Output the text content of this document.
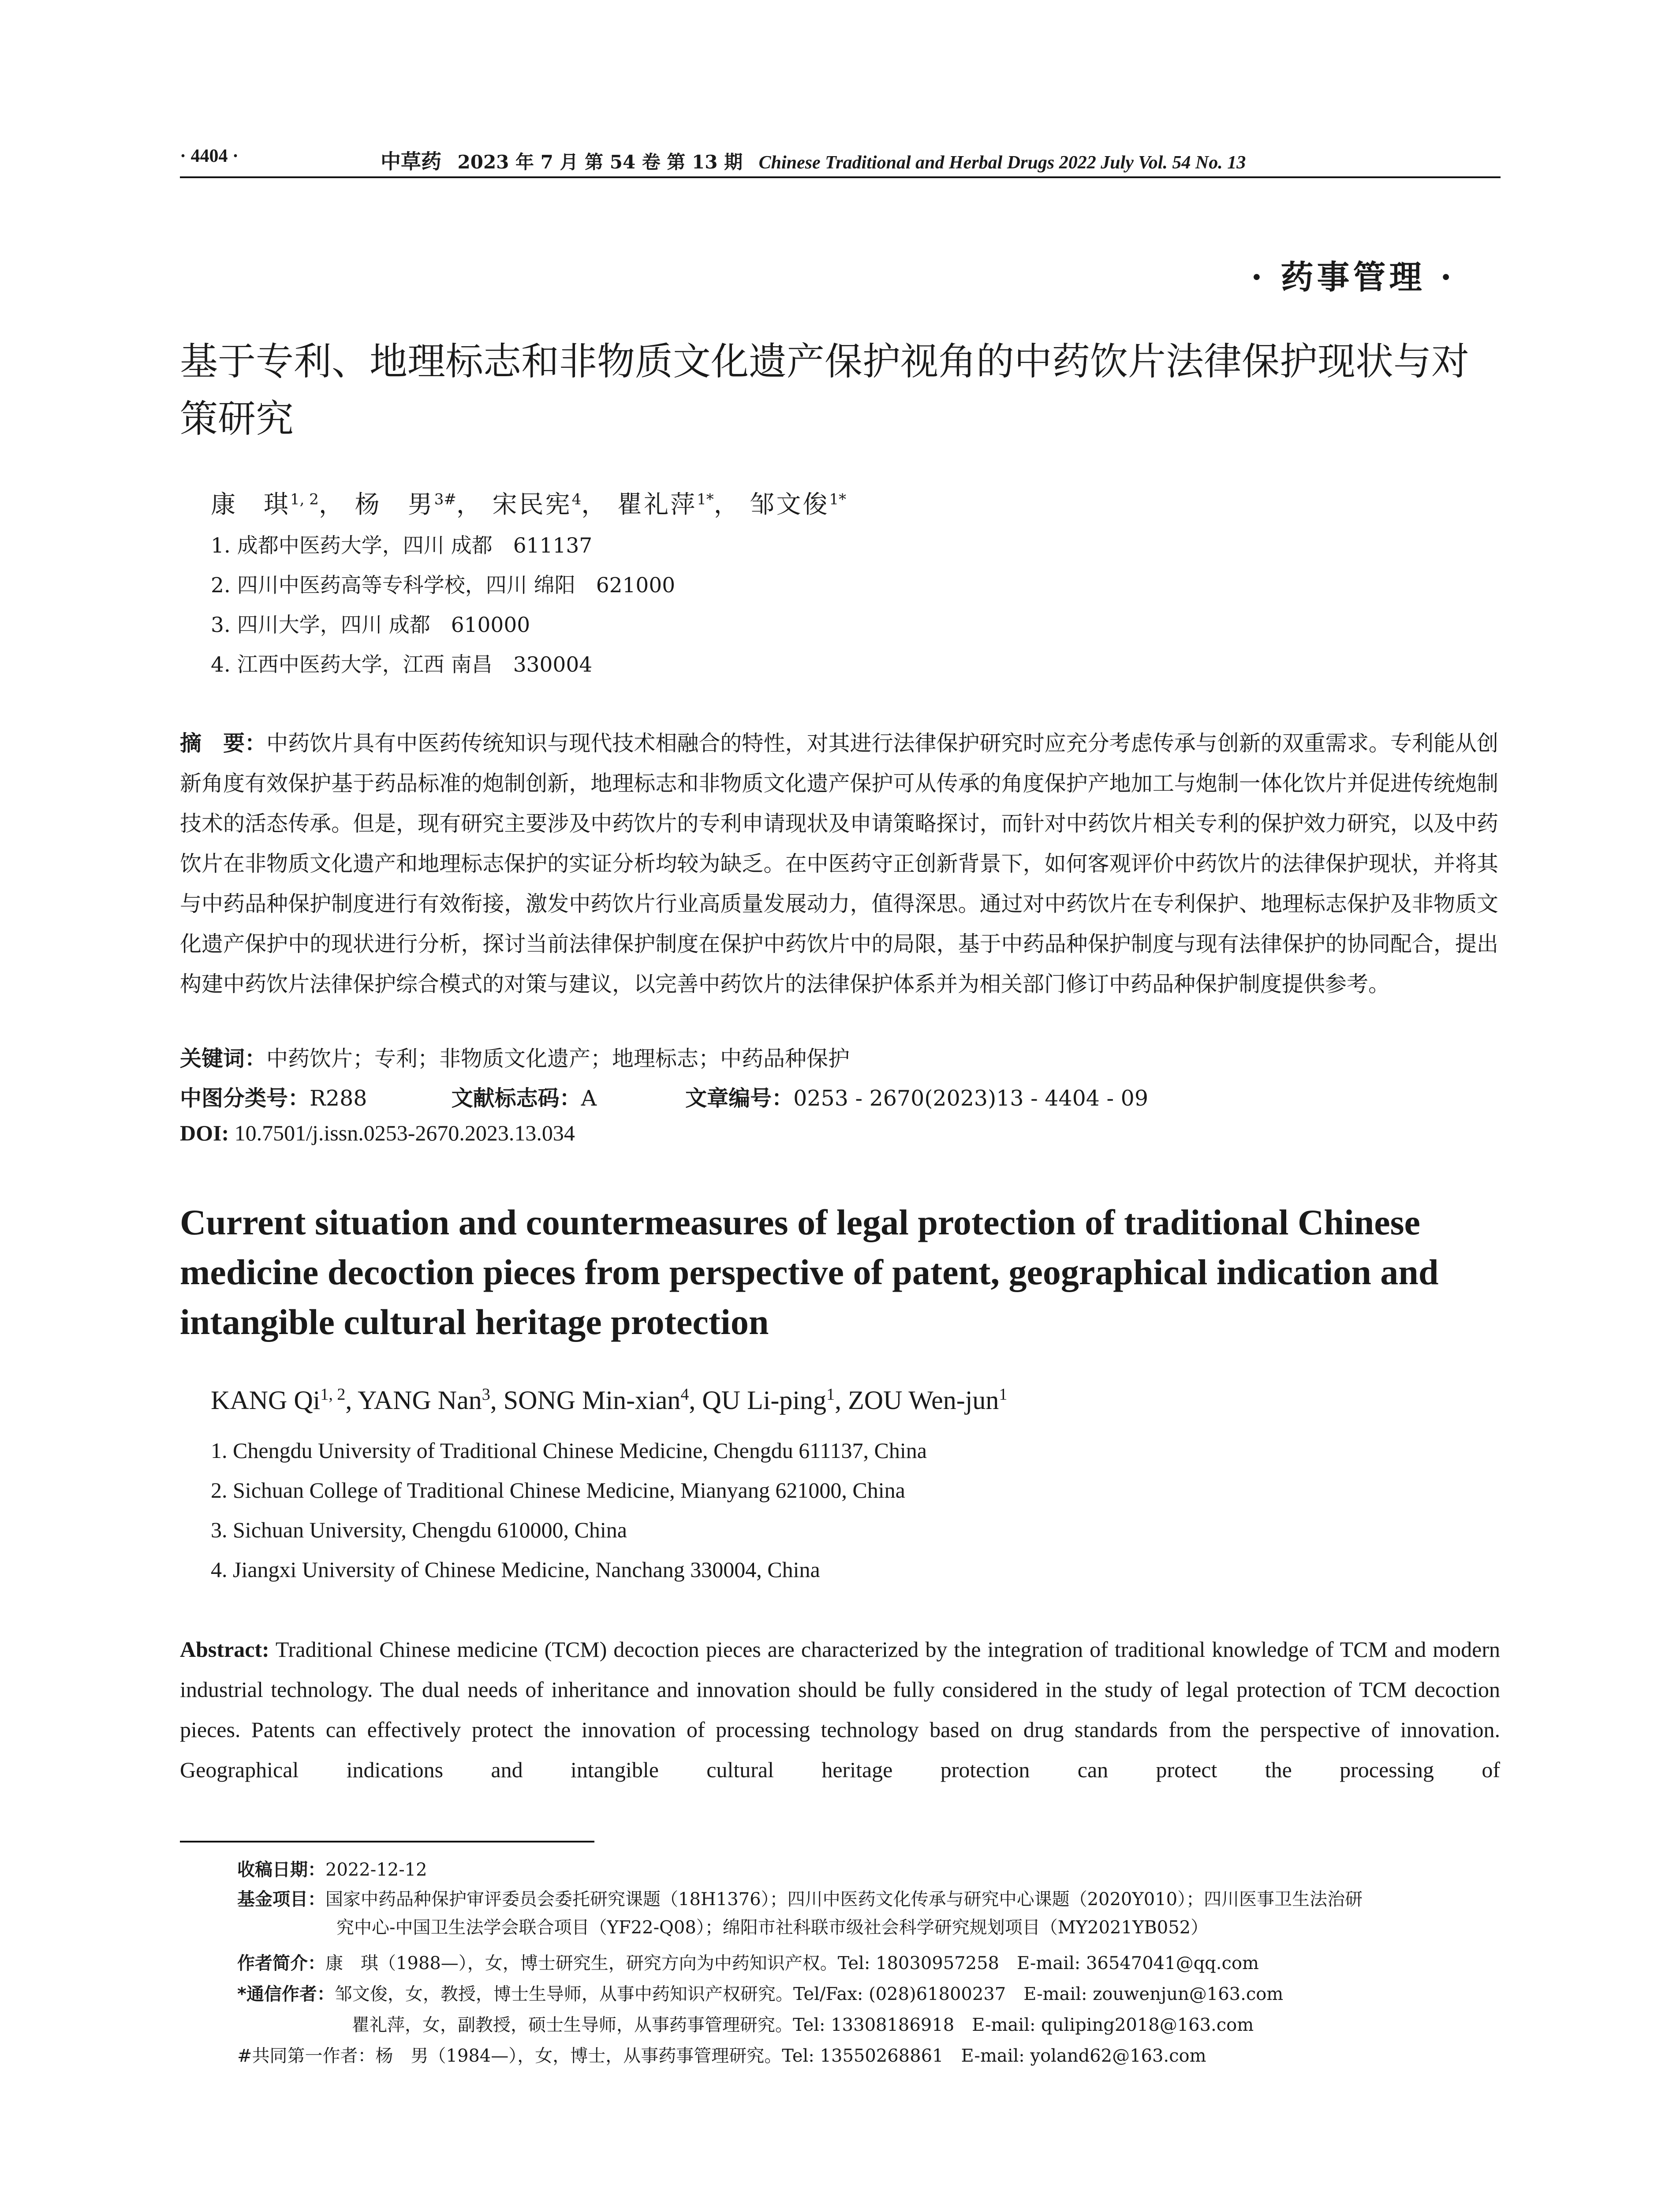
· 4404 ·	中草药 2023 年 7 月 第 54 卷 第 13 期 Chinese Traditional and Herbal Drugs 2022 July Vol. 54 No. 13
· 药事管理 ·
基于专利、地理标志和非物质文化遗产保护视角的中药饮片法律保护现状与对策研究
康　琪$^{1, 2}$， 杨　男$^{3\#}$， 宋民宪$^4$， 瞿礼萍$^{1*}$， 邹文俊$^{1*}$
1. 成都中医药大学，四川 成都　611137
2. 四川中医药高等专科学校，四川 绵阳　621000
3. 四川大学，四川 成都　610000
4. 江西中医药大学，江西 南昌　330004
摘　要：中药饮片具有中医药传统知识与现代技术相融合的特性，对其进行法律保护研究时应充分考虑传承与创新的双重需求。专利能从创新角度有效保护基于药品标准的炮制创新，地理标志和非物质文化遗产保护可从传承的角度保护产地加工与炮制一体化饮片并促进传统炮制技术的活态传承。但是，现有研究主要涉及中药饮片的专利申请现状及申请策略探讨，而针对中药饮片相关专利的保护效力研究，以及中药饮片在非物质文化遗产和地理标志保护的实证分析均较为缺乏。在中医药守正创新背景下，如何客观评价中药饮片的法律保护现状，并将其与中药品种保护制度进行有效衔接，激发中药饮片行业高质量发展动力，值得深思。通过对中药饮片在专利保护、地理标志保护及非物质文化遗产保护中的现状进行分析，探讨当前法律保护制度在保护中药饮片中的局限，基于中药品种保护制度与现有法律保护的协同配合，提出构建中药饮片法律保护综合模式的对策与建议，以完善中药饮片的法律保护体系并为相关部门修订中药品种保护制度提供参考。
关键词：中药饮片；专利；非物质文化遗产；地理标志；中药品种保护
中图分类号：R288	文献标志码：A	文章编号：0253 - 2670(2023)13 - 4404 - 09
DOI: 10.7501/j.issn.0253-2670.2023.13.034
Current situation and countermeasures of legal protection of traditional Chinese medicine decoction pieces from perspective of patent, geographical indication and intangible cultural heritage protection
KANG Qi$^{1, 2}$, YANG Nan$^3$, SONG Min-xian$^4$, QU Li-ping$^1$, ZOU Wen-jun$^1$
1. Chengdu University of Traditional Chinese Medicine, Chengdu 611137, China
2. Sichuan College of Traditional Chinese Medicine, Mianyang 621000, China
3. Sichuan University, Chengdu 610000, China
4. Jiangxi University of Chinese Medicine, Nanchang 330004, China
Abstract: Traditional Chinese medicine (TCM) decoction pieces are characterized by the integration of traditional knowledge of TCM and modern industrial technology. The dual needs of inheritance and innovation should be fully considered in the study of legal protection of TCM decoction pieces. Patents can effectively protect the innovation of processing technology based on drug standards from the perspective of innovation. Geographical indications and intangible cultural heritage protection can protect the processing of
收稿日期：2022-12-12
基金项目：国家中药品种保护审评委员会委托研究课题（18H1376）；四川中医药文化传承与研究中心课题（2020Y010）；四川医事卫生法治研
究中心-中国卫生法学会联合项目（YF22-Q08）；绵阳市社科联市级社会科学研究规划项目（MY2021YB052）
作者简介：康　琪（1988—），女，博士研究生，研究方向为中药知识产权。Tel: 18030957258　E-mail: 36547041@qq.com
*通信作者：邹文俊，女，教授，博士生导师，从事中药知识产权研究。Tel/Fax: (028)61800237　E-mail: zouwenjun@163.com
瞿礼萍，女，副教授，硕士生导师，从事药事管理研究。Tel: 13308186918　E-mail: quliping2018@163.com
#共同第一作者：杨　男（1984—），女，博士，从事药事管理研究。Tel: 13550268861　E-mail: yoland62@163.com
